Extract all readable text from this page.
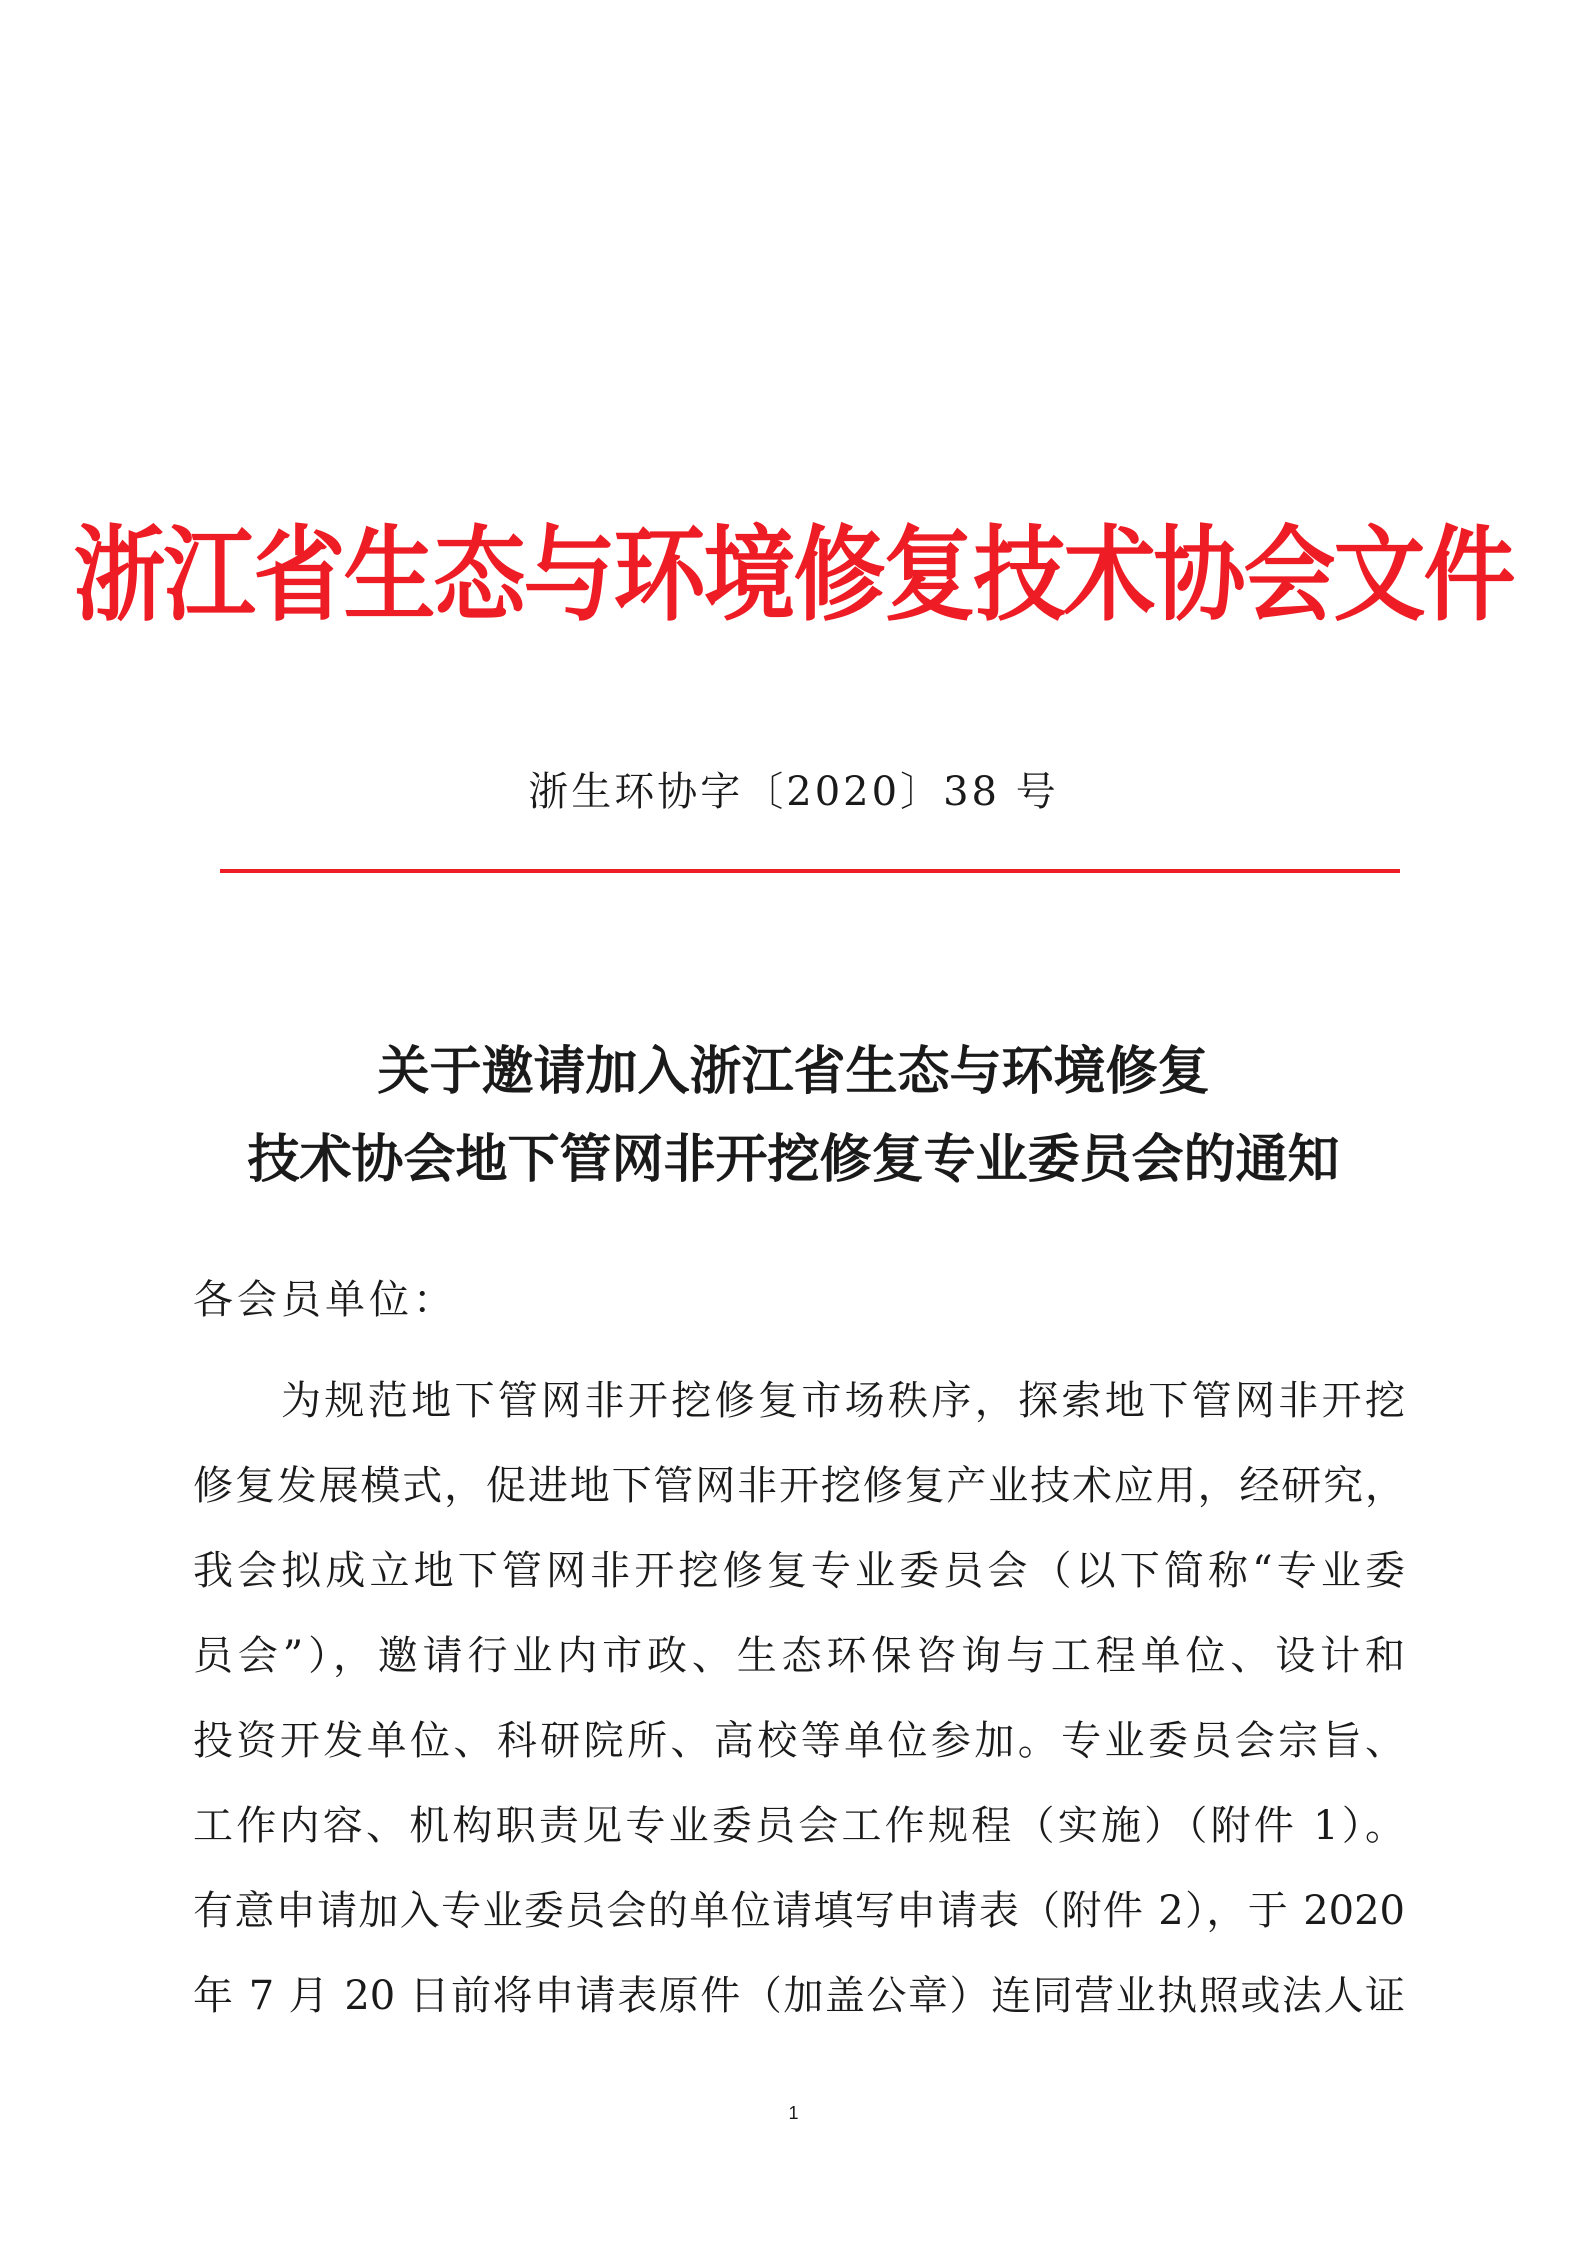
浙江省生态与环境修复技术协会文件
浙生环协字〔2020〕38 号
关于邀请加入浙江省生态与环境修复
技术协会地下管网非开挖修复专业委员会的通知
各会员单位：
为规范地下管网非开挖修复市场秩序，探索地下管网非开挖
修复发展模式，促进地下管网非开挖修复产业技术应用，经研究，
我会拟成立地下管网非开挖修复专业委员会（以下简称“专业委
员会”），邀请行业内市政、生态环保咨询与工程单位、设计和
投资开发单位、科研院所、高校等单位参加。专业委员会宗旨、
工作内容、机构职责见专业委员会工作规程（实施）（附件 1）。
有意申请加入专业委员会的单位请填写申请表（附件 2），于 2020
年 7 月 20 日前将申请表原件（加盖公章）连同营业执照或法人证
1
